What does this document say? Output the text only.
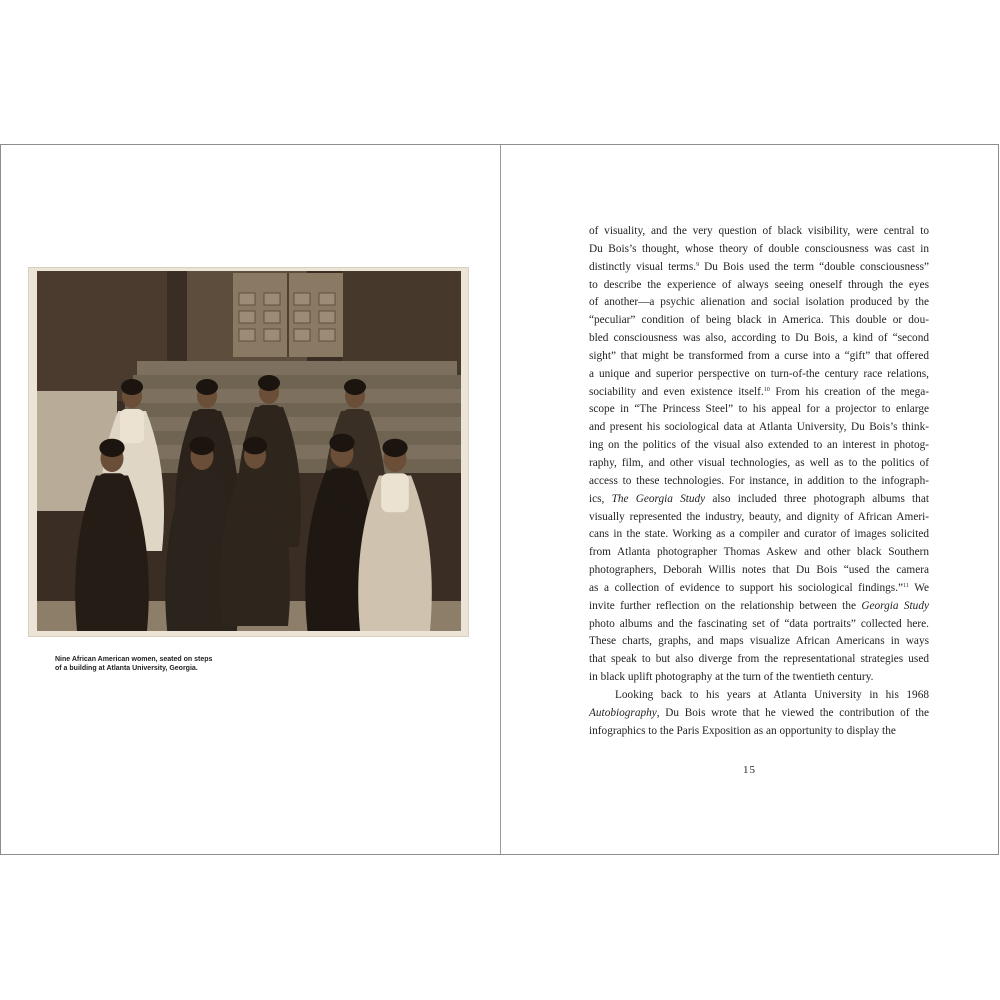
Nine African American women, seated on steps
of a building at Atlanta University, Georgia.
of visuality, and the very question of black visibility, were central to
Du Bois’s thought, whose theory of double consciousness was cast in
distinctly visual terms.$^9$ Du Bois used the term “double consciousness”
to describe the experience of always seeing oneself through the eyes
of another—a psychic alienation and social isolation produced by the
“peculiar” condition of being black in America. This double or dou-
bled consciousness was also, according to Du Bois, a kind of “second
sight” that might be transformed from a curse into a “gift” that offered
a unique and superior perspective on turn-of-the century race relations,
sociability and even existence itself.$^{10}$ From his creation of the mega-
scope in “The Princess Steel” to his appeal for a projector to enlarge
and present his sociological data at Atlanta University, Du Bois’s think-
ing on the politics of the visual also extended to an interest in photog-
raphy, film, and other visual technologies, as well as to the politics of
access to these technologies. For instance, in addition to the infograph-
ics, The Georgia Study also included three photograph albums that
visually represented the industry, beauty, and dignity of African Ameri-
cans in the state. Working as a compiler and curator of images solicited
from Atlanta photographer Thomas Askew and other black Southern
photographers, Deborah Willis notes that Du Bois “used the camera
as a collection of evidence to support his sociological findings.”$^{11}$ We
invite further reflection on the relationship between the Georgia Study
photo albums and the fascinating set of “data portraits” collected here.
These charts, graphs, and maps visualize African Americans in ways
that speak to but also diverge from the representational strategies used
in black uplift photography at the turn of the twentieth century.
Looking back to his years at Atlanta University in his 1968
Autobiography, Du Bois wrote that he viewed the contribution of the
infographics to the Paris Exposition as an opportunity to display the
15
